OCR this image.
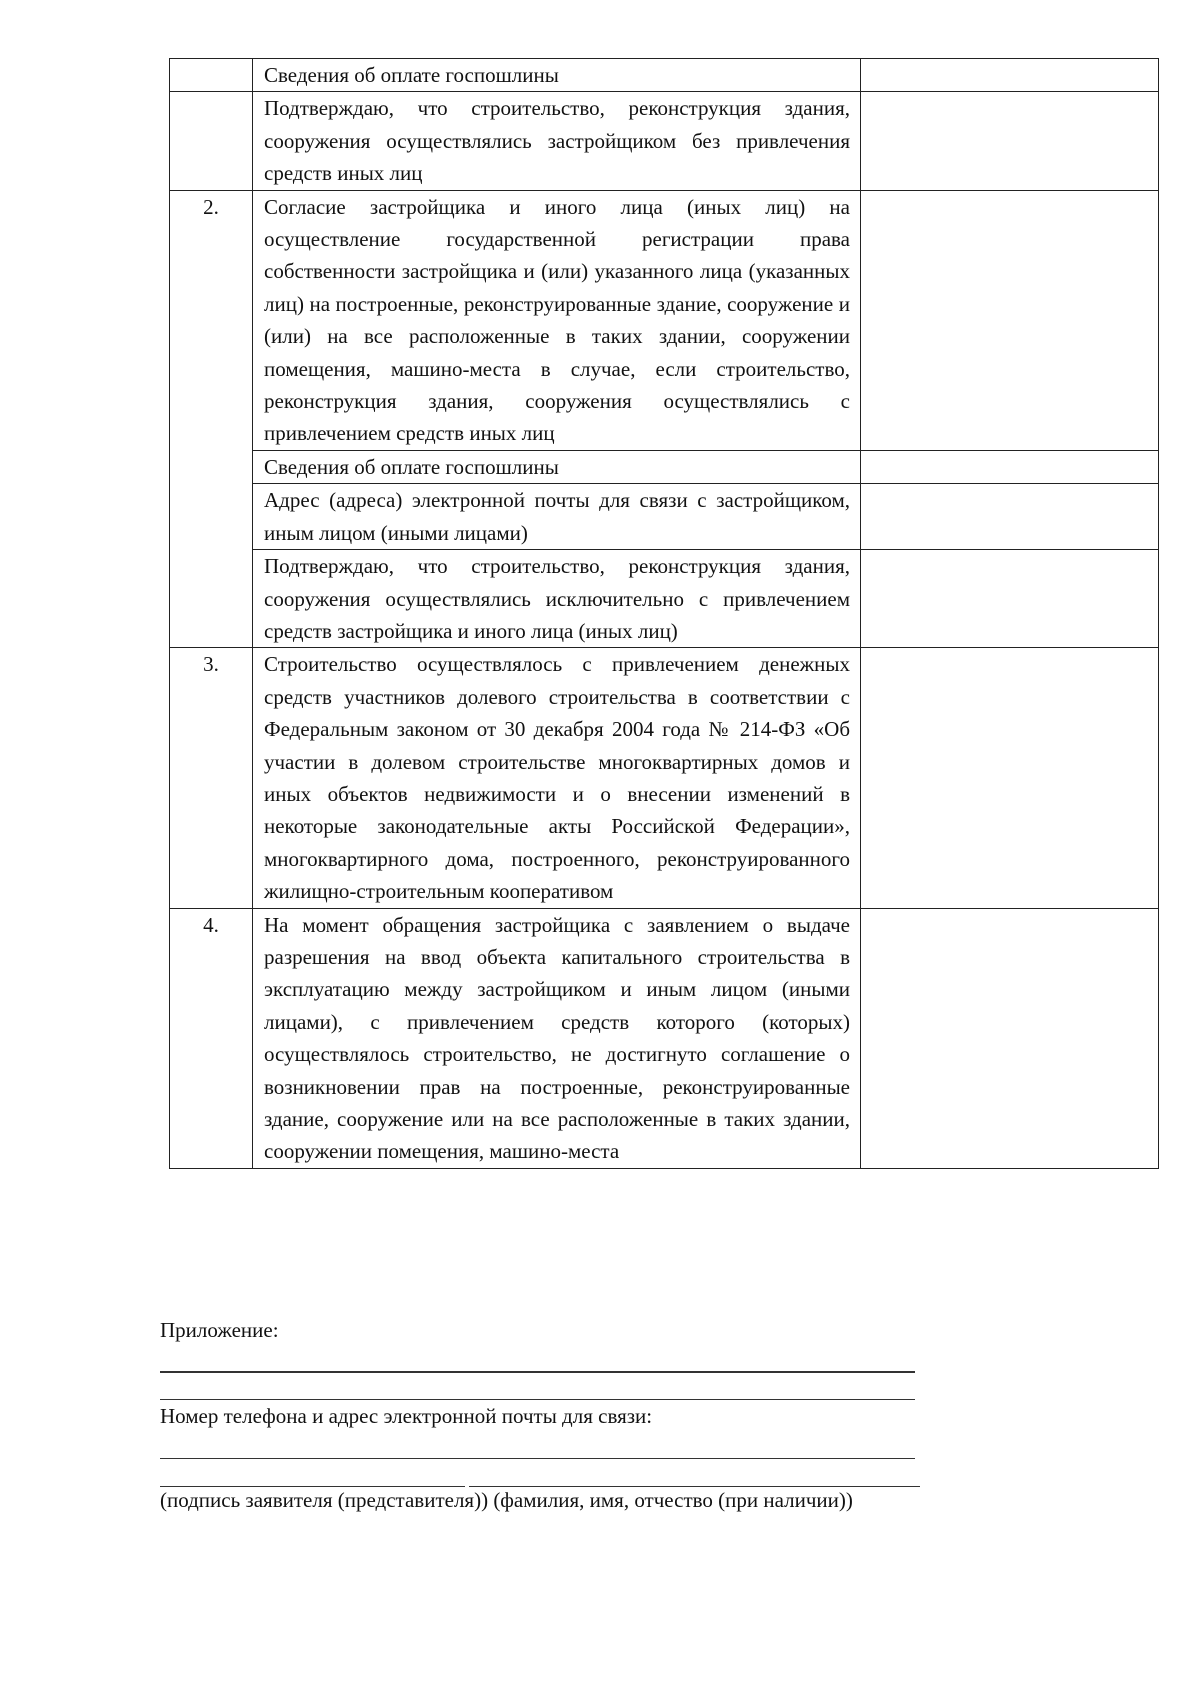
	Сведения об оплате госпошлины	
	Подтверждаю, что строительство, реконструкция здания, сооружения осуществлялись застройщиком без привлечения средств иных лиц	
2.	Согласие застройщика и иного лица (иных лиц) на осуществление государственной регистрации права собственности застройщика и (или) указанного лица (указанных лиц) на построенные, реконструированные здание, сооружение и (или) на все расположенные в таких здании, сооружении помещения, машино-места в случае, если строительство, реконструкция здания, сооружения осуществлялись с привлечением средств иных лиц	
	Сведения об оплате госпошлины	
	Адрес (адреса) электронной почты для связи с застройщиком, иным лицом (иными лицами)	
	Подтверждаю, что строительство, реконструкция здания, сооружения осуществлялись исключительно с привлечением средств застройщика и иного лица (иных лиц)	
3.	Строительство осуществлялось с привлечением денежных средств участников долевого строительства в соответствии с Федеральным законом от 30 декабря 2004 года № 214-ФЗ «Об участии в долевом строительстве многоквартирных домов и иных объектов недвижимости и о внесении изменений в некоторые законодательные акты Российской Федерации», многоквартирного дома, построенного, реконструированного жилищно-строительным кооперативом	
4.	На момент обращения застройщика с заявлением о выдаче разрешения на ввод объекта капитального строительства в эксплуатацию между застройщиком и иным лицом (иными лицами), с привлечением средств которого (которых) осуществлялось строительство, не достигнуто соглашение о возникновении прав на построенные, реконструированные здание, сооружение или на все расположенные в таких здании, сооружении помещения, машино-места	
Приложение:
Номер телефона и адрес электронной почты для связи:
(подпись заявителя (представителя)) (фамилия, имя, отчество (при наличии))
